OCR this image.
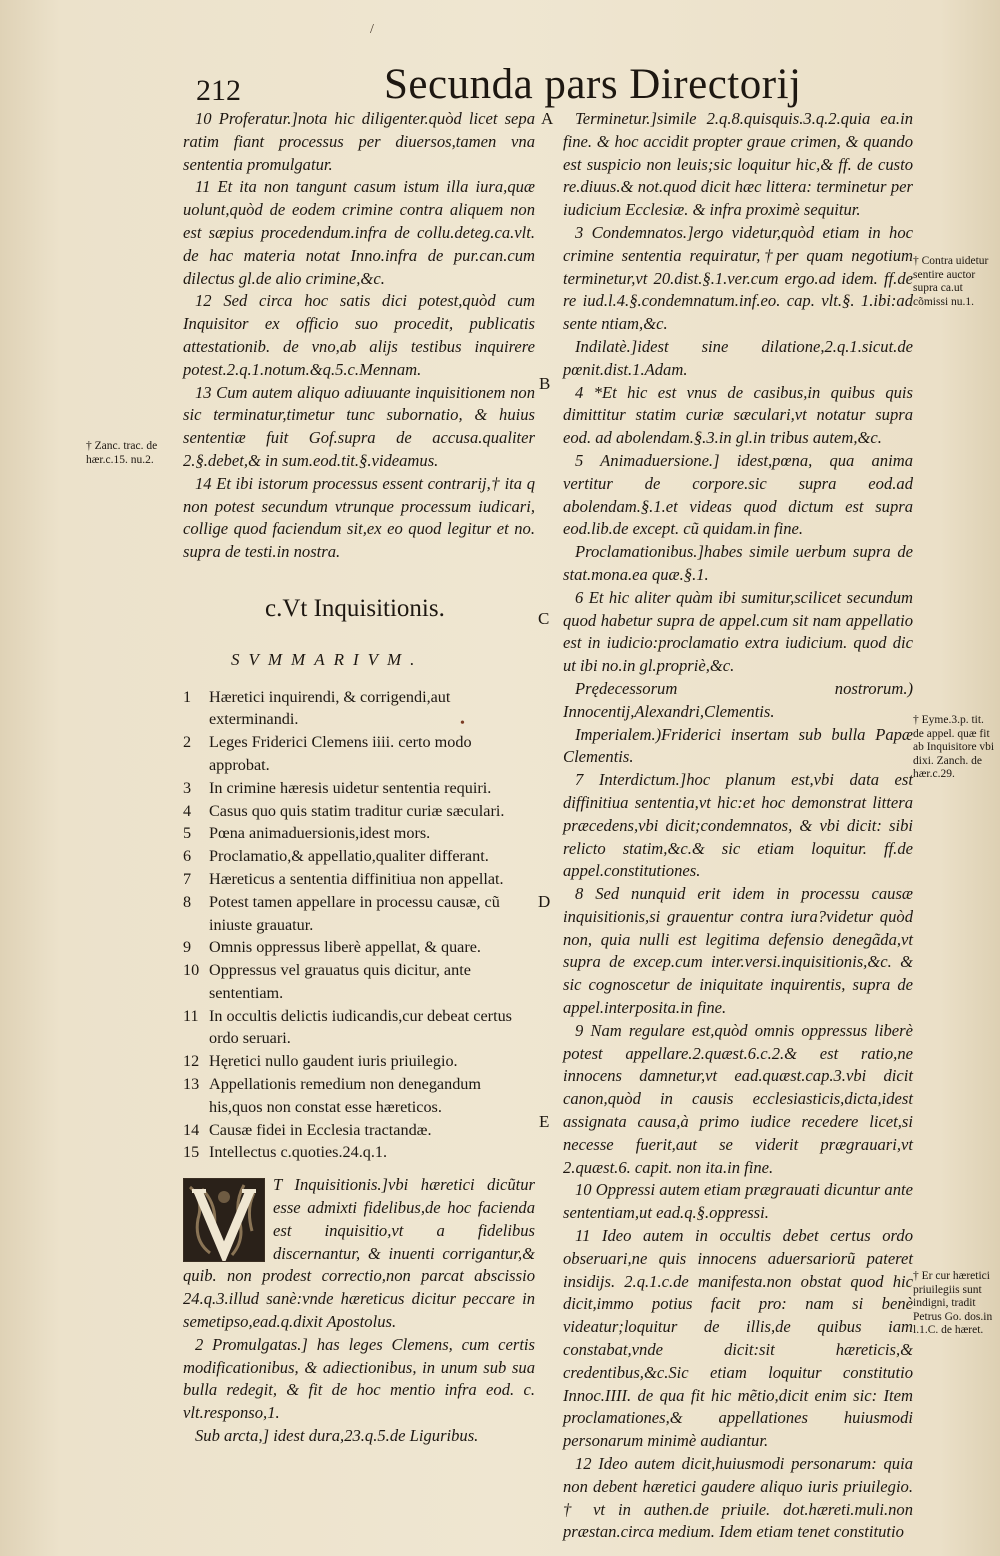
212	Secunda pars Directorij

10 Proferatur.]nota hic diligenter.quòd licet sepa ratim fiant processus per diuersos,tamen vna sententia promulgatur.

11 Et ita non tangunt casum istum illa iura,quæ uolunt,quòd de eodem crimine contra aliquem non est sæpius procedendum.infra de collu.deteg.ca.vlt. de hac materia notat Inno.infra de pur.can.cum dilectus gl.de alio crimine,&c.

12 Sed circa hoc satis dici potest,quòd cum Inquisitor ex officio suo procedit, publicatis attestationib. de vno,ab alijs testibus inquirere potest.2.q.1.notum.&q.5.c.Mennam.

13 Cum autem aliquo adiuuante inquisitionem non sic terminatur,timetur tunc subornatio, & huius sententiæ fuit Gof.supra de accusa.qualiter 2.§.debet,& in sum.eod.tit.§.videamus.

14 Et ibi istorum processus essent contrarij,† ita q non potest secundum vtrunque processum iudicari, collige quod faciendum sit,ex eo quod legitur et no. supra de testi.in nostra.

c.Vt Inquisitionis.
SVMMARIVM.
1	Hæretici inquirendi, & corrigendi,aut exterminandi.
2	Leges Friderici Clemens iiii. certo modo approbat.
3	In crimine hæresis uidetur sententia requiri.
4	Casus quo quis statim traditur curiæ sæculari.
5	Pœna animaduersionis,idest mors.
6	Proclamatio,& appellatio,qualiter differant.
7	Hæreticus a sententia diffinitiua non appellat.
8	Potest tamen appellare in processu causæ, cũ iniuste grauatur.
9	Omnis oppressus liberè appellat, & quare.
10 Oppressus vel grauatus quis dicitur, ante sententiam.
11 In occultis delictis iudicandis,cur debeat certus ordo seruari.
12 Hęretici nullo gaudent iuris priuilegio.
13 Appellationis remedium non denegandum his,quos non constat esse hæreticos.
14 Causæ fidei in Ecclesia tractandæ.
15 Intellectus c.quoties.24.q.1.

T Inquisitionis.]vbi hæretici dicũtur esse admixti fidelibus,de hoc facienda est inquisitio,vt a fidelibus discernantur, & inuenti corrigantur,& quib. non prodest correctio,non parcat abscissio 24.q.3.illud sanè:vnde hæreticus dicitur peccare in semetipso,ead.q.dixit Apostolus.

2 Promulgatas.] has leges Clemens, cum certis modificationibus, & adiectionibus, in unum sub sua bulla redegit, & fit de hoc mentio infra eod. c. vlt.responso,1.

Sub arcta,] idest dura,23.q.5.de Liguribus.

Terminetur.]simile 2.q.8.quisquis.3.q.2.quia ea.in fine. & hoc accidit propter graue crimen, & quando est suspicio non leuis;sic loquitur hic,& ff. de custo re.diuus.& not.quod dicit hæc littera: terminetur per iudicium Ecclesiæ. & infra proximè sequitur.

3 Condemnatos.]ergo videtur,quòd etiam in hoc crimine sententia requiratur,†per quam negotium terminetur,vt 20.dist.§.1.ver.cum ergo.ad idem. ff.de re iud.l.4.§.condemnatum.inf.eo. cap. vlt.§. 1.ibi:ad sente ntiam,&c.

Indilatè.]idest sine dilatione,2.q.1.sicut.de pœnit.dist.1.Adam.

4 *Et hic est vnus de casibus,in quibus quis dimittitur statim curiæ sæculari,vt notatur supra eod. ad abolendam.§.3.in gl.in tribus autem,&c.

5 Animaduersione.] idest,pœna, qua anima vertitur de corpore.sic supra eod.ad abolendam.§.1.et videas quod dictum est supra eod.lib.de except. cũ quidam.in fine.

Proclamationibus.]habes simile uerbum supra de stat.mona.ea quæ.§.1.

6 Et hic aliter quàm ibi sumitur,scilicet secundum quod habetur supra de appel.cum sit nam appellatio est in iudicio:proclamatio extra iudicium. quod dic ut ibi no.in gl.propriè,&c.

Prędecessorum nostrorum.) Innocentij,Alexandri,Clementis.

Imperialem.)Friderici insertam sub bulla Papæ Clementis.

7 Interdictum.]hoc planum est,vbi data est diffinitiua sententia,vt hic:et hoc demonstrat littera præcedens,vbi dicit;condemnatos, & vbi dicit: sibi relicto statim,&c.& sic etiam loquitur. ff.de appel.constitutiones.

8 Sed nunquid erit idem in processu causæ inquisitionis,si grauentur contra iura?videtur quòd non, quia nulli est legitima defensio denegãda,vt supra de excep.cum inter.versi.inquisitionis,&c. & sic cognoscetur de iniquitate inquirentis, supra de appel.interposita.in fine.

9 Nam regulare est,quòd omnis oppressus liberè potest appellare.2.quæst.6.c.2.& est ratio,ne innocens damnetur,vt ead.quæst.cap.3.vbi dicit canon,quòd in causis ecclesiasticis,dicta,idest assignata causa,à primo iudice recedere licet,si necesse fuerit,aut se viderit prægrauari,vt 2.quæst.6. capit. non ita.in fine.

10 Oppressi autem etiam prægrauati dicuntur ante sententiam,ut ead.q.§.oppressi.

11 Ideo autem in occultis debet certus ordo obseruari,ne quis innocens aduersariorũ pateret insidijs. 2.q.1.c.de manifesta.non obstat quod hic dicit,immo potius facit pro: nam si benè videatur;loquitur de illis,de quibus iam constabat,vnde dicit:sit hæreticis,& credentibus,&c.Sic etiam loquitur constitutio Innoc.IIII. de qua fit hic mẽtio,dicit enim sic: Item proclamationes,& appellationes huiusmodi personarum minimè audiantur.

12 Ideo autem dicit,huiusmodi personarum: quia non debent hæretici gaudere aliquo iuris priuilegio. † vt in authen.de priuile. dot.hæreti.muli.non præstan.circa medium. Idem etiam tenet constitutio

A
B
C
D
E
† Zanc. trac. de hær.c.15. nu.2.
† Contra uidetur sentire auctor supra ca.ut cõmissi nu.1.
† Eyme.3.p. tit. de appel. quæ fit ab Inquisitore vbi dixi. Zanch. de hær.c.29.
† Er cur hæretici priuilegiis sunt indigni, tradit Petrus Go. dos.in l.1.C. de hæret.
/
•
